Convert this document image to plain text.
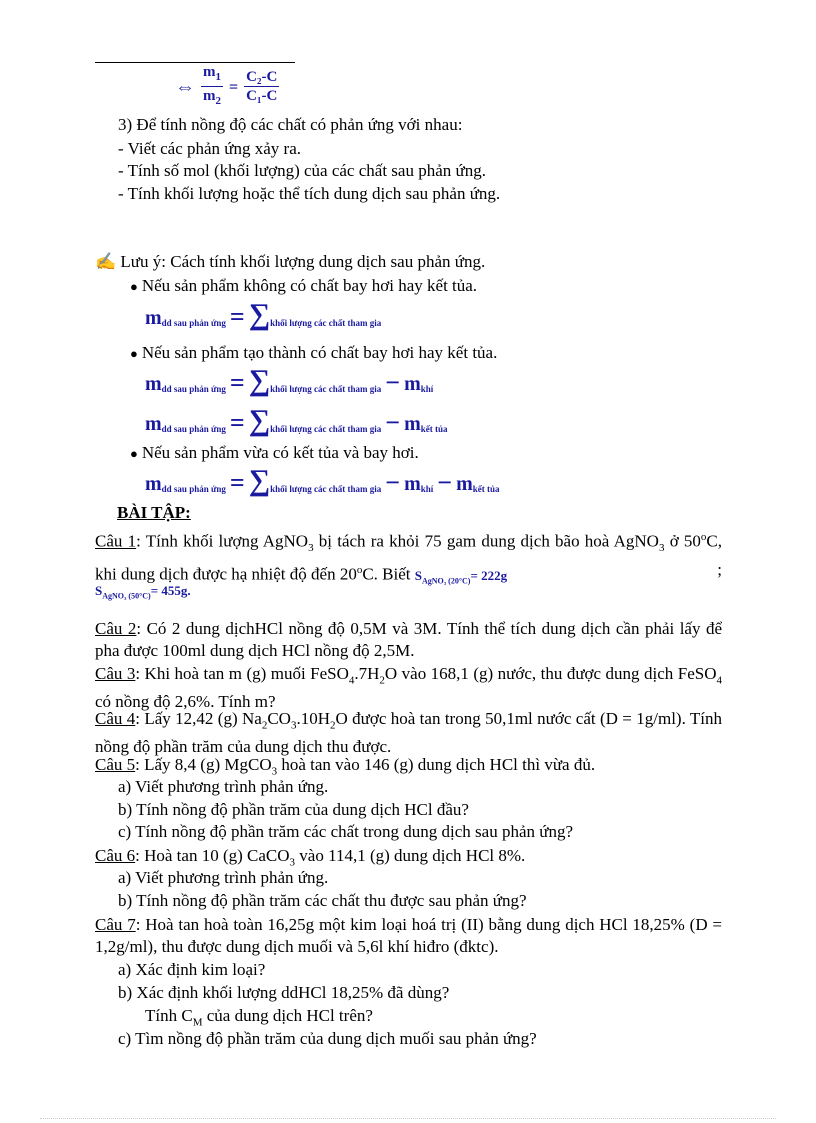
⇔ $\frac{m_1}{m_2} = \frac{\text{C₂-C}}{\text{C₁-C}}$
3) Để tính nồng độ các chất có phản ứng với nhau:
- Viết các phản ứng xảy ra.
- Tính số mol (khối lượng) của các chất sau phản ứng.
- Tính khối lượng hoặc thể tích dung dịch sau phản ứng.
✍ Lưu ý: Cách tính khối lượng dung dịch sau phản ứng.
● Nếu sản phẩm không có chất bay hơi hay kết tủa.
m dd sau phản ứng = ∑ khối lượng các chất tham gia
● Nếu sản phẩm tạo thành có chất bay hơi hay kết tủa.
m dd sau phản ứng = ∑ khối lượng các chất tham gia − m khí
m dd sau phản ứng = ∑ khối lượng các chất tham gia − m kết tủa
● Nếu sản phẩm vừa có kết tủa và bay hơi.
m dd sau phản ứng = ∑ khối lượng các chất tham gia − m khí − m kết tủa
BÀI TẬP:

Câu 1: Tính khối lượng AgNO$_3$ bị tách ra khỏi 75 gam dung dịch bão hoà AgNO$_3$ ở 50$^o$C, khi dung dịch được hạ nhiệt độ đến 20$^o$C. Biết $S_{AgNO_3 (20^\circ C)}= 222g$	;

$S_{AgNO_3 (50^\circ C)}= 455g$.

Câu 2: Có 2 dung dịchHCl nồng độ 0,5M và 3M. Tính thể tích dung dịch cần phải lấy để pha được 100ml dung dịch HCl nồng độ 2,5M.

Câu 3: Khi hoà tan m (g) muối $FeSO_4.7H_2O$ vào 168,1 (g) nước, thu được dung dịch FeSO$_4$ có nồng độ 2,6%. Tính m?

Câu 4: Lấy 12,42 (g) $Na_2CO_3.10H_2O$ được hoà tan trong 50,1ml nước cất (D = 1g/ml). Tính nồng độ phần trăm của dung dịch thu được.

Câu 5: Lấy 8,4 (g) MgCO$_3$ hoà tan vào 146 (g) dung dịch HCl thì vừa đủ.

a) Viết phương trình phản ứng.
b) Tính nồng độ phần trăm của dung dịch HCl đầu?
c) Tính nồng độ phần trăm các chất trong dung dịch sau phản ứng?

Câu 6: Hoà tan 10 (g) CaCO$_3$ vào 114,1 (g) dung dịch HCl 8%.

a) Viết phương trình phản ứng.
b) Tính nồng độ phần trăm các chất thu được sau phản ứng?

Câu 7: Hoà tan hoà toàn 16,25g một kim loại hoá trị (II) bằng dung dịch HCl 18,25% (D = 1,2g/ml), thu được dung dịch muối và 5,6l khí hiđro (đktc).

a) Xác định kim loại?
b) Xác định khối lượng ddHCl 18,25% đã dùng?
Tính $C_M$ của dung dịch HCl trên?
c) Tìm nồng độ phần trăm của dung dịch muối sau phản ứng?
